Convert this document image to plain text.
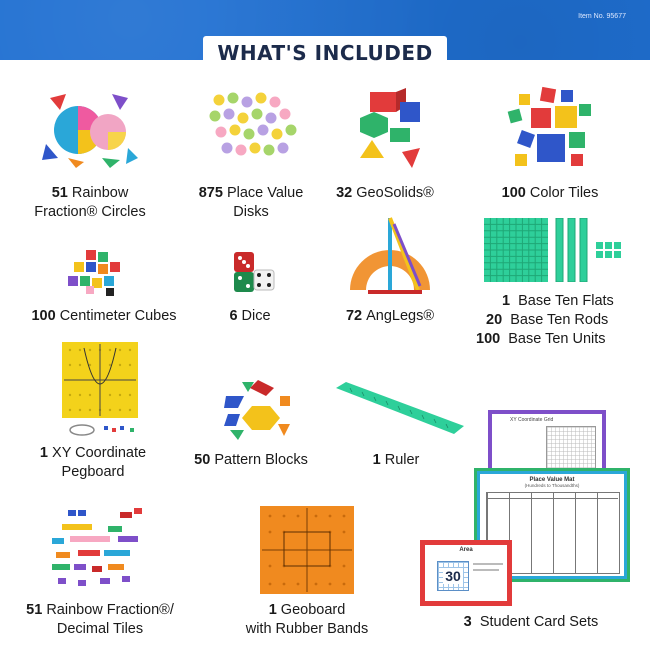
Item No. 95677
WHAT'S INCLUDED
51 Rainbow
Fraction® Circles
875 Place Value
Disks
32 GeoSolids®	100 Color Tiles
100 Centimeter Cubes	6 Dice	72 AngLegs®
1 Base Ten Flats
20 Base Ten Rods
100 Base Ten Units
1 XY Coordinate
Pegboard
50 Pattern Blocks	1 Ruler
XY Coordinate Grid
Place Value Mat
(Hundreds to Thousandths)
Area
30
3 Student Card Sets
51 Rainbow Fraction®/
Decimal Tiles
1 Geoboard
with Rubber Bands
